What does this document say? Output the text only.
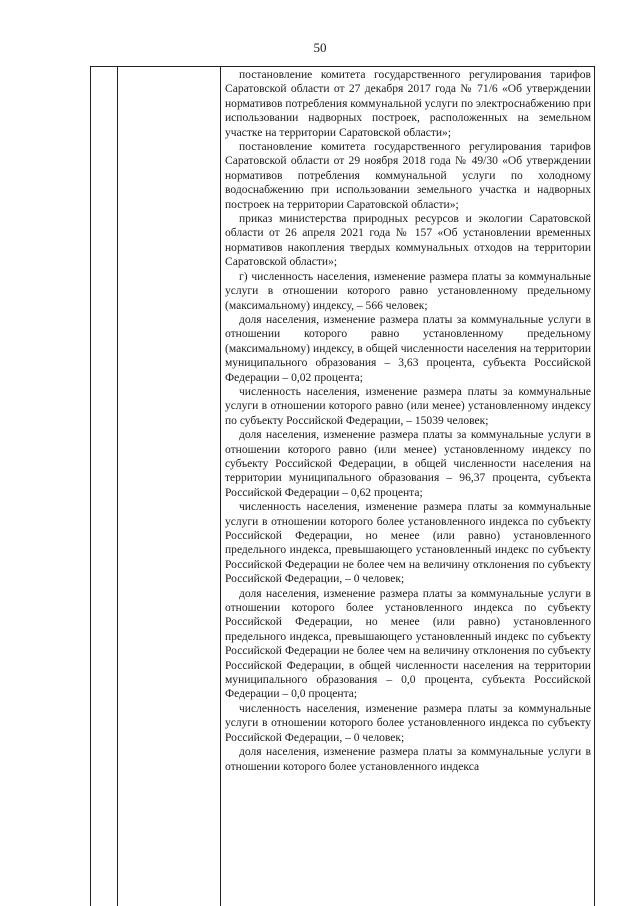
50

постановление комитета государственного регулирования тарифов Саратовской области от 27 декабря 2017 года № 71/6 «Об утверждении нормативов потребления коммунальной услуги по электроснабжению при использовании надворных построек, расположенных на земельном участке на территории Саратовской области»;

постановление комитета государственного регулирования тарифов Саратовской области от 29 ноября 2018 года № 49/30 «Об утверждении нормативов потребления коммунальной услуги по холодному водоснабжению при использовании земельного участка и надворных построек на территории Саратовской области»;

приказ министерства природных ресурсов и экологии Саратовской области от 26 апреля 2021 года № 157 «Об установлении временных нормативов накопления твердых коммунальных отходов на территории Саратовской области»;

г) численность населения, изменение размера платы за коммунальные услуги в отношении которого равно установленному предельному (максимальному) индексу, – 566 человек;

доля населения, изменение размера платы за коммунальные услуги в отношении которого равно установленному предельному (максимальному) индексу, в общей численности населения на территории муниципального образования – 3,63 процента, субъекта Российской Федерации – 0,02 процента;

численность населения, изменение размера платы за коммунальные услуги в отношении которого равно (или менее) установленному индексу по субъекту Российской Федерации, – 15039 человек;

доля населения, изменение размера платы за коммунальные услуги в отношении которого равно (или менее) установленному индексу по субъекту Российской Федерации, в общей численности населения на территории муниципального образования – 96,37 процента, субъекта Российской Федерации – 0,62 процента;

численность населения, изменение размера платы за коммунальные услуги в отношении которого более установленного индекса по субъекту Российской Федерации, но менее (или равно) установленного предельного индекса, превышающего установленный индекс по субъекту Российской Федерации не более чем на величину отклонения по субъекту Российской Федерации, – 0 человек;

доля населения, изменение размера платы за коммунальные услуги в отношении которого более установленного индекса по субъекту Российской Федерации, но менее (или равно) установленного предельного индекса, превышающего установленный индекс по субъекту Российской Федерации не более чем на величину отклонения по субъекту Российской Федерации, в общей численности населения на территории муниципального образования – 0,0 процента, субъекта Российской Федерации – 0,0 процента;

численность населения, изменение размера платы за коммунальные услуги в отношении которого более установленного индекса по субъекту Российской Федерации, – 0 человек;

доля населения, изменение размера платы за коммунальные услуги в отношении которого более установленного индекса
